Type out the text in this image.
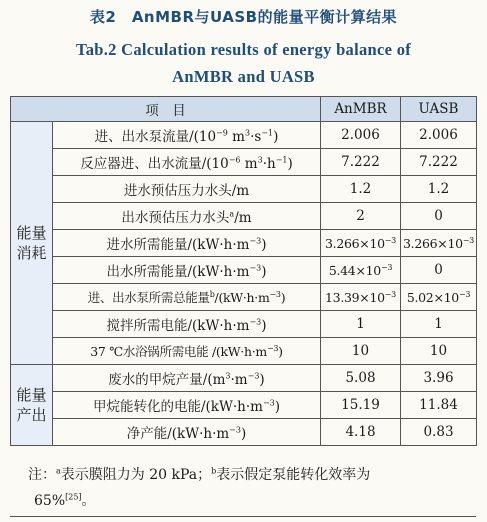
表2　AnMBR与UASB的能量平衡计算结果
Tab.2 Calculation results of energy balance of
AnMBR and UASB
项　目		AnMBR	UASB
能量消耗	进、出水泵流量$/(10^{-9}$ $m^3\cdot s^{-1}$)	2.006	2.006
	反应器进、出水流量$/(10^{-6}$ $m^3\cdot h^{-1}$)	7.222	7.222
	进水预估压力水头/m	1.2	1.2
	出水预估压力水头$^a$/m	2	0
	进水所需能量$/(kW\cdot h\cdot m^{-3})$	$3.266\times 10^{-3}$	$3.266\times 10^{-3}$
	出水所需能量$/(kW\cdot h\cdot m^{-3})$	$5.44\times 10^{-3}$	0
	进、出水泵所需总能量$^b/(kW\cdot h\cdot m^{-3})$	$13.39\times 10^{-3}$	$5.02\times 10^{-3}$
	搅拌所需电能$/(kW\cdot h\cdot m^{-3})$	1	1
	37 ℃水浴锅所需电能 $/(kW\cdot h\cdot m^{-3})$	10	10
能量产出	废水的甲烷产量$/(m^3\cdot m^{-3})$	5.08	3.96
	甲烷能转化的电能$/(kW\cdot h\cdot m^{-3})$	15.19	11.84
	净产能$/(kW\cdot h\cdot m^{-3})$	4.18	0.83
注：$^a$表示膜阻力为 20 kPa；$^b$表示假定泵能转化效率为
65%[25]。
